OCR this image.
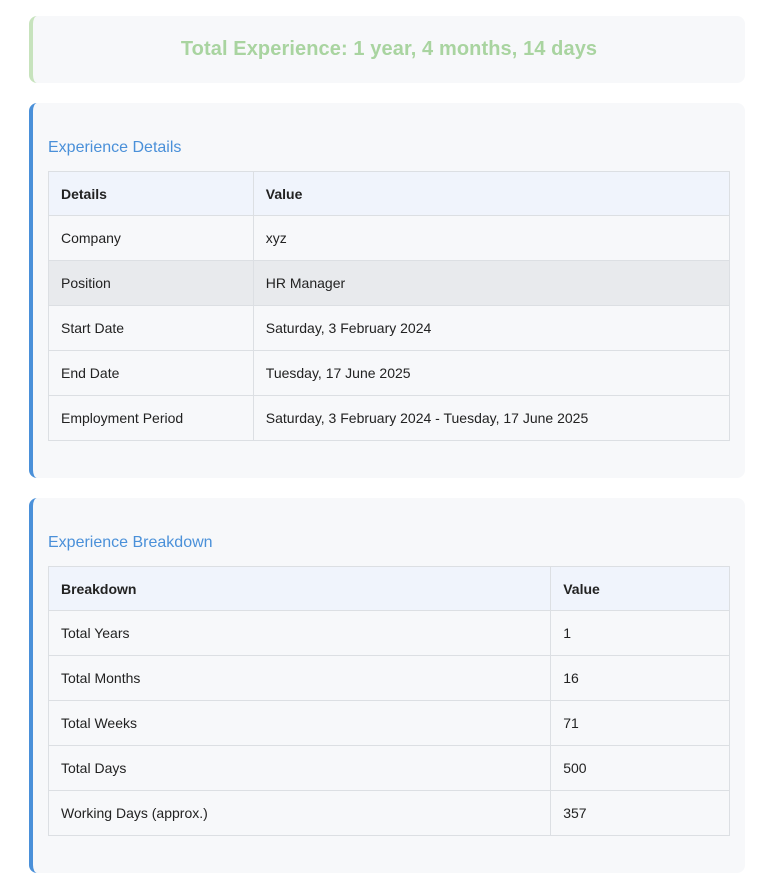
Total Experience: 1 year, 4 months, 14 days
Experience Details
Details	Value
Company	xyz
Position	HR Manager
Start Date	Saturday, 3 February 2024
End Date	Tuesday, 17 June 2025
Employment Period	Saturday, 3 February 2024 - Tuesday, 17 June 2025
Experience Breakdown
Breakdown	Value
Total Years	1
Total Months	16
Total Weeks	71
Total Days	500
Working Days (approx.)	357
